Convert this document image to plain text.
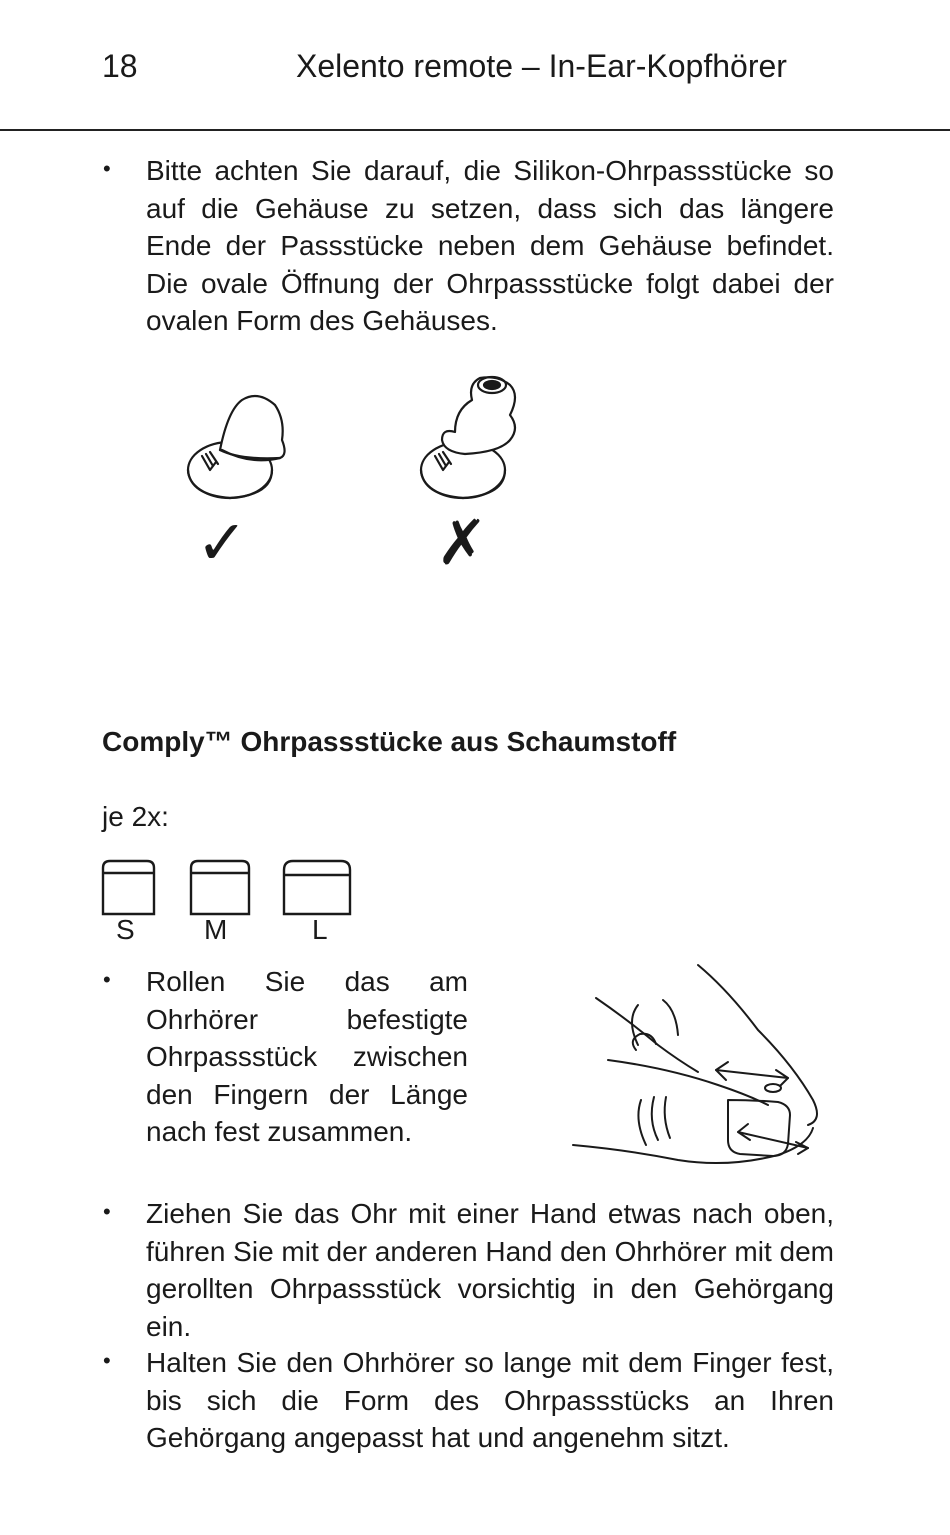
18	Xelento remote – In-Ear-Kopfhörer
• Bitte achten Sie darauf, die Silikon-Ohrpassstücke so auf die Gehäuse zu setzen, dass sich das längere Ende der Passstücke neben dem Gehäuse befindet. Die ovale Öffnung der Ohrpassstücke folgt dabei der ovalen Form des Gehäuses.
✓	✗
Comply™ Ohrpassstücke aus Schaumstoff
je 2x:
S M	L
• Rollen Sie das am Ohrhörer befestigte Ohrpassstück zwischen den Fingern der Länge nach fest zusammen.
• Ziehen Sie das Ohr mit einer Hand etwas nach oben, führen Sie mit der anderen Hand den Ohrhörer mit dem gerollten Ohrpassstück vorsichtig in den Gehörgang ein.
• Halten Sie den Ohrhörer so lange mit dem Finger fest, bis sich die Form des Ohrpassstücks an Ihren Gehörgang angepasst hat und angenehm sitzt.
